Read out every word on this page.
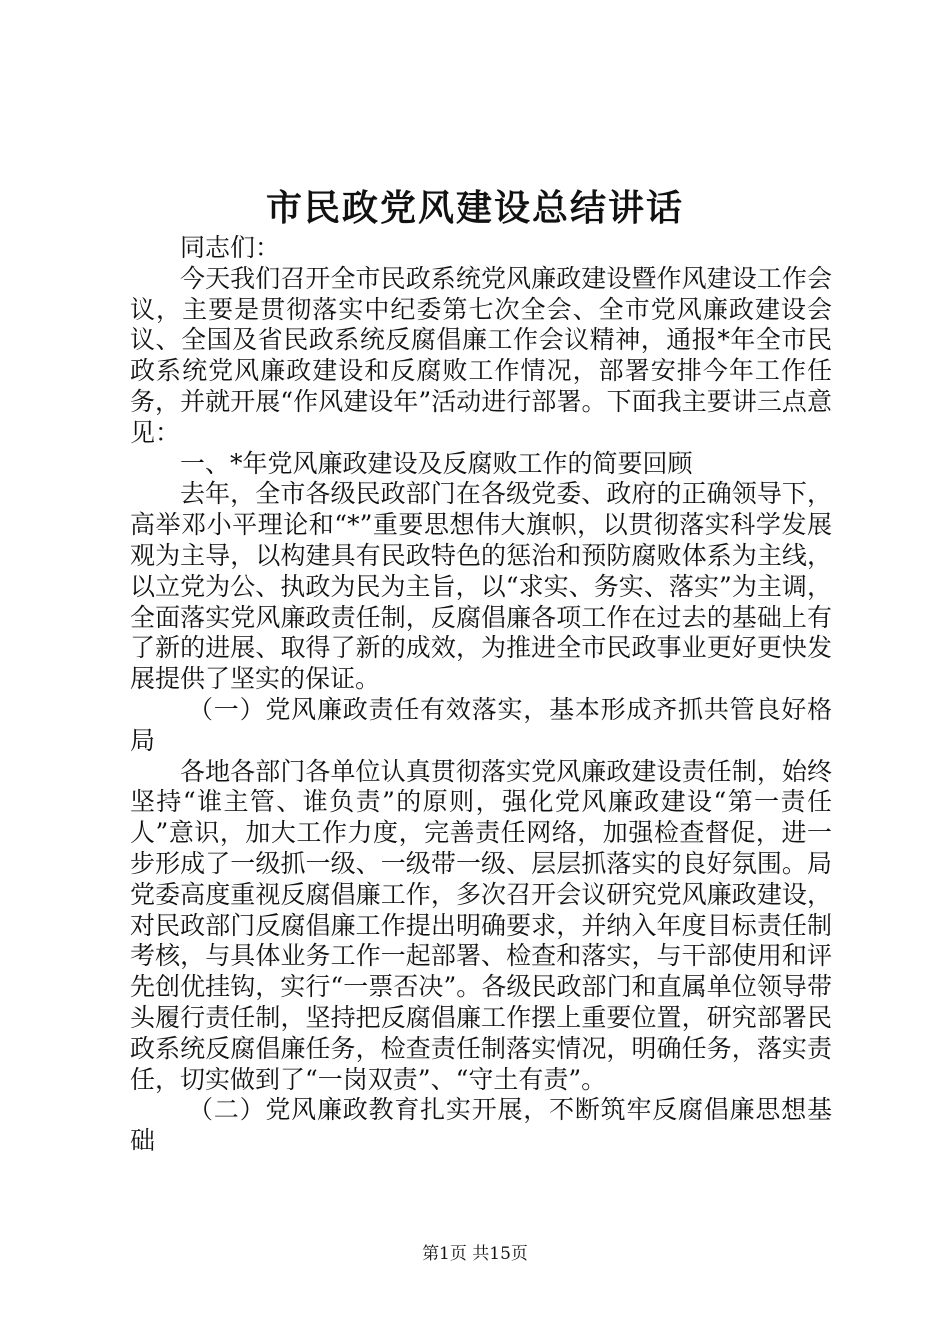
市民政党风建设总结讲话

同志们：

今天我们召开全市民政系统党风廉政建设暨作风建设工作会议，主要是贯彻落实中纪委第七次全会、全市党风廉政建设会议、全国及省民政系统反腐倡廉工作会议精神，通报*年全市民政系统党风廉政建设和反腐败工作情况，部署安排今年工作任务，并就开展“作风建设年”活动进行部署。下面我主要讲三点意见：

一、*年党风廉政建设及反腐败工作的简要回顾

去年，全市各级民政部门在各级党委、政府的正确领导下，高举邓小平理论和“*”重要思想伟大旗帜，以贯彻落实科学发展观为主导，以构建具有民政特色的惩治和预防腐败体系为主线，以立党为公、执政为民为主旨，以“求实、务实、落实”为主调，全面落实党风廉政责任制，反腐倡廉各项工作在过去的基础上有了新的进展、取得了新的成效，为推进全市民政事业更好更快发展提供了坚实的保证。

（一）党风廉政责任有效落实，基本形成齐抓共管良好格局

各地各部门各单位认真贯彻落实党风廉政建设责任制，始终坚持“谁主管、谁负责”的原则，强化党风廉政建设“第一责任人”意识，加大工作力度，完善责任网络，加强检查督促，进一步形成了一级抓一级、一级带一级、层层抓落实的良好氛围。局党委高度重视反腐倡廉工作，多次召开会议研究党风廉政建设，对民政部门反腐倡廉工作提出明确要求，并纳入年度目标责任制考核，与具体业务工作一起部署、检查和落实，与干部使用和评先创优挂钩，实行“一票否决”。各级民政部门和直属单位领导带头履行责任制，坚持把反腐倡廉工作摆上重要位置，研究部署民政系统反腐倡廉任务，检查责任制落实情况，明确任务，落实责任，切实做到了“一岗双责”、“守土有责”。

（二）党风廉政教育扎实开展，不断筑牢反腐倡廉思想基础

第1页 共15页
